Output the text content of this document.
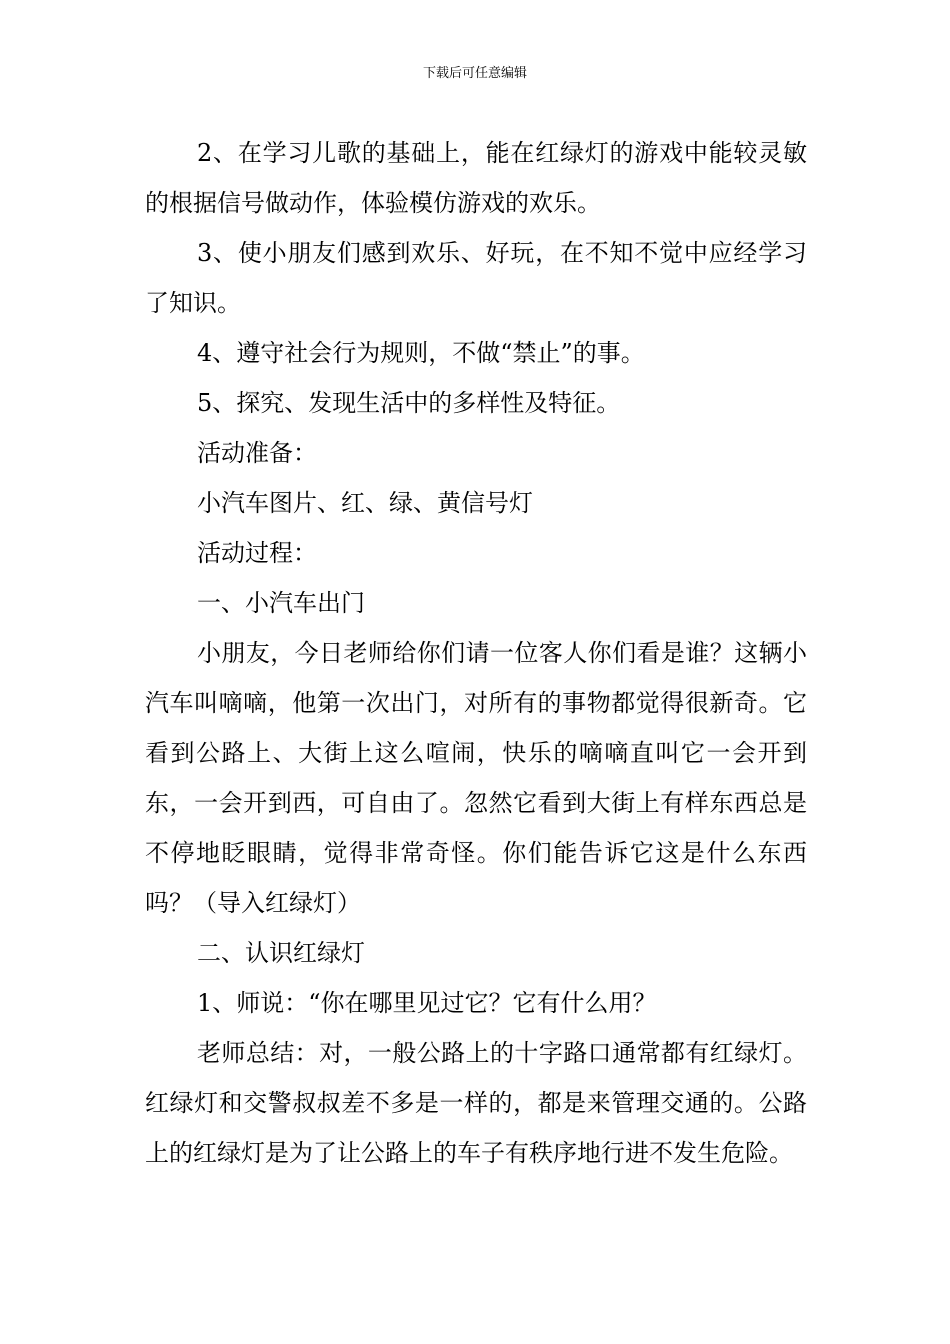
下载后可任意编辑

2、在学习儿歌的基础上，能在红绿灯的游戏中能较灵敏的根据信号做动作，体验模仿游戏的欢乐。

3、使小朋友们感到欢乐、好玩，在不知不觉中应经学习了知识。

4、遵守社会行为规则，不做“禁止”的事。

5、探究、发现生活中的多样性及特征。

活动准备：

小汽车图片、红、绿、黄信号灯

活动过程：

一、小汽车出门

小朋友，今日老师给你们请一位客人你们看是谁？这辆小汽车叫嘀嘀，他第一次出门，对所有的事物都觉得很新奇。它看到公路上、大街上这么喧闹，快乐的嘀嘀直叫它一会开到东，一会开到西，可自由了。忽然它看到大街上有样东西总是不停地眨眼睛，觉得非常奇怪。你们能告诉它这是什么东西吗？（导入红绿灯）

二、认识红绿灯

1、师说：“你在哪里见过它？它有什么用？

老师总结：对，一般公路上的十字路口通常都有红绿灯。红绿灯和交警叔叔差不多是一样的，都是来管理交通的。公路上的红绿灯是为了让公路上的车子有秩序地行进不发生危险。
